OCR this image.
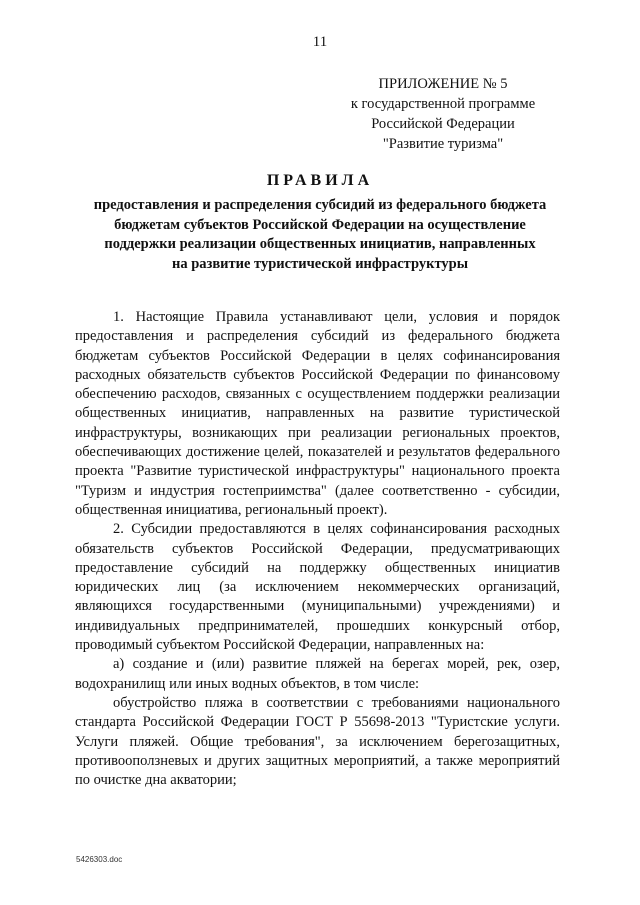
11
ПРИЛОЖЕНИЕ № 5
к государственной программе
Российской Федерации
"Развитие туризма"
ПРАВИЛА
предоставления и распределения субсидий из федерального бюджета
бюджетам субъектов Российской Федерации на осуществление
поддержки реализации общественных инициатив, направленных
на развитие туристической инфраструктуры

1. Настоящие Правила устанавливают цели, условия и порядок предоставления и распределения субсидий из федерального бюджета бюджетам субъектов Российской Федерации в целях софинансирования расходных обязательств субъектов Российской Федерации по финансовому обеспечению расходов, связанных с осуществлением поддержки реализации общественных инициатив, направленных на развитие туристической инфраструктуры, возникающих при реализации региональных проектов, обеспечивающих достижение целей, показателей и результатов федерального проекта "Развитие туристической инфраструктуры" национального проекта "Туризм и индустрия гостеприимства" (далее соответственно - субсидии, общественная инициатива, региональный проект).

2. Субсидии предоставляются в целях софинансирования расходных обязательств субъектов Российской Федерации, предусматривающих предоставление субсидий на поддержку общественных инициатив юридических лиц (за исключением некоммерческих организаций, являющихся государственными (муниципальными) учреждениями) и индивидуальных предпринимателей, прошедших конкурсный отбор, проводимый субъектом Российской Федерации, направленных на:

а) создание и (или) развитие пляжей на берегах морей, рек, озер, водохранилищ или иных водных объектов, в том числе:

обустройство пляжа в соответствии с требованиями национального стандарта Российской Федерации ГОСТ Р 55698-2013 "Туристские услуги. Услуги пляжей. Общие требования", за исключением берегозащитных, противооползневых и других защитных мероприятий, а также мероприятий по очистке дна акватории;

5426303.doc
